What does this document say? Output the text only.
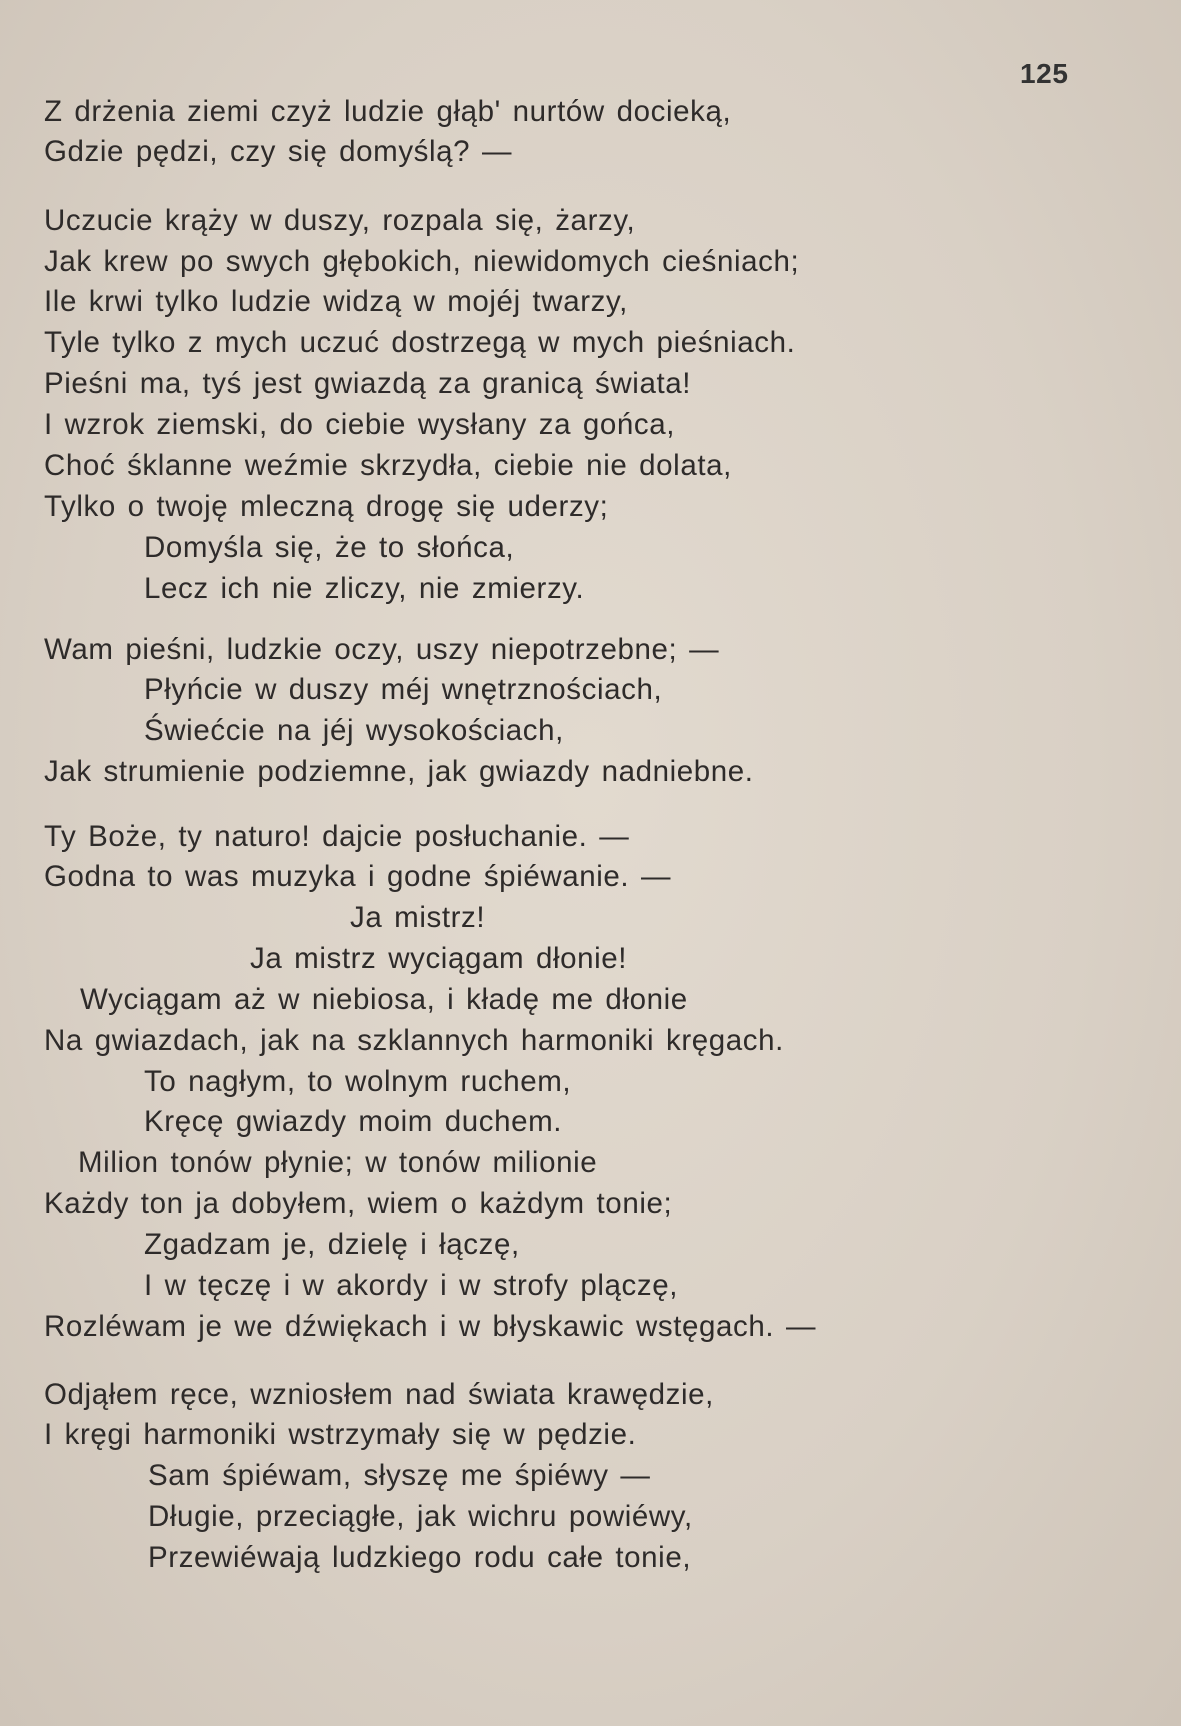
125
Z drżenia ziemi czyż ludzie głąb' nurtów docieką,
Gdzie pędzi, czy się domyślą? —
Uczucie krąży w duszy, rozpala się, żarzy,
Jak krew po swych głębokich, niewidomych cieśniach;
Ile krwi tylko ludzie widzą w mojéj twarzy,
Tyle tylko z mych uczuć dostrzegą w mych pieśniach.
Pieśni ma, tyś jest gwiazdą za granicą świata!
I wzrok ziemski, do ciebie wysłany za gońca,
Choć śklanne weźmie skrzydła, ciebie nie dolata,
Tylko o twoję mleczną drogę się uderzy;
Domyśla się, że to słońca,
Lecz ich nie zliczy, nie zmierzy.
Wam pieśni, ludzkie oczy, uszy niepotrzebne; —
Płyńcie w duszy méj wnętrznościach,
Świećcie na jéj wysokościach,
Jak strumienie podziemne, jak gwiazdy nadniebne.
Ty Boże, ty naturo! dajcie posłuchanie. —
Godna to was muzyka i godne śpiéwanie. —
Ja mistrz!
Ja mistrz wyciągam dłonie!
Wyciągam aż w niebiosa, i kładę me dłonie
Na gwiazdach, jak na szklannych harmoniki kręgach.
To nagłym, to wolnym ruchem,
Kręcę gwiazdy moim duchem.
Milion tonów płynie; w tonów milionie
Każdy ton ja dobyłem, wiem o każdym tonie;
Zgadzam je, dzielę i łączę,
I w tęczę i w akordy i w strofy plączę,
Rozléwam je we dźwiękach i w błyskawic wstęgach. —
Odjąłem ręce, wzniosłem nad świata krawędzie,
I kręgi harmoniki wstrzymały się w pędzie.
Sam śpiéwam, słyszę me śpiéwy —
Długie, przeciągłe, jak wichru powiéwy,
Przewiéwają ludzkiego rodu całe tonie,
